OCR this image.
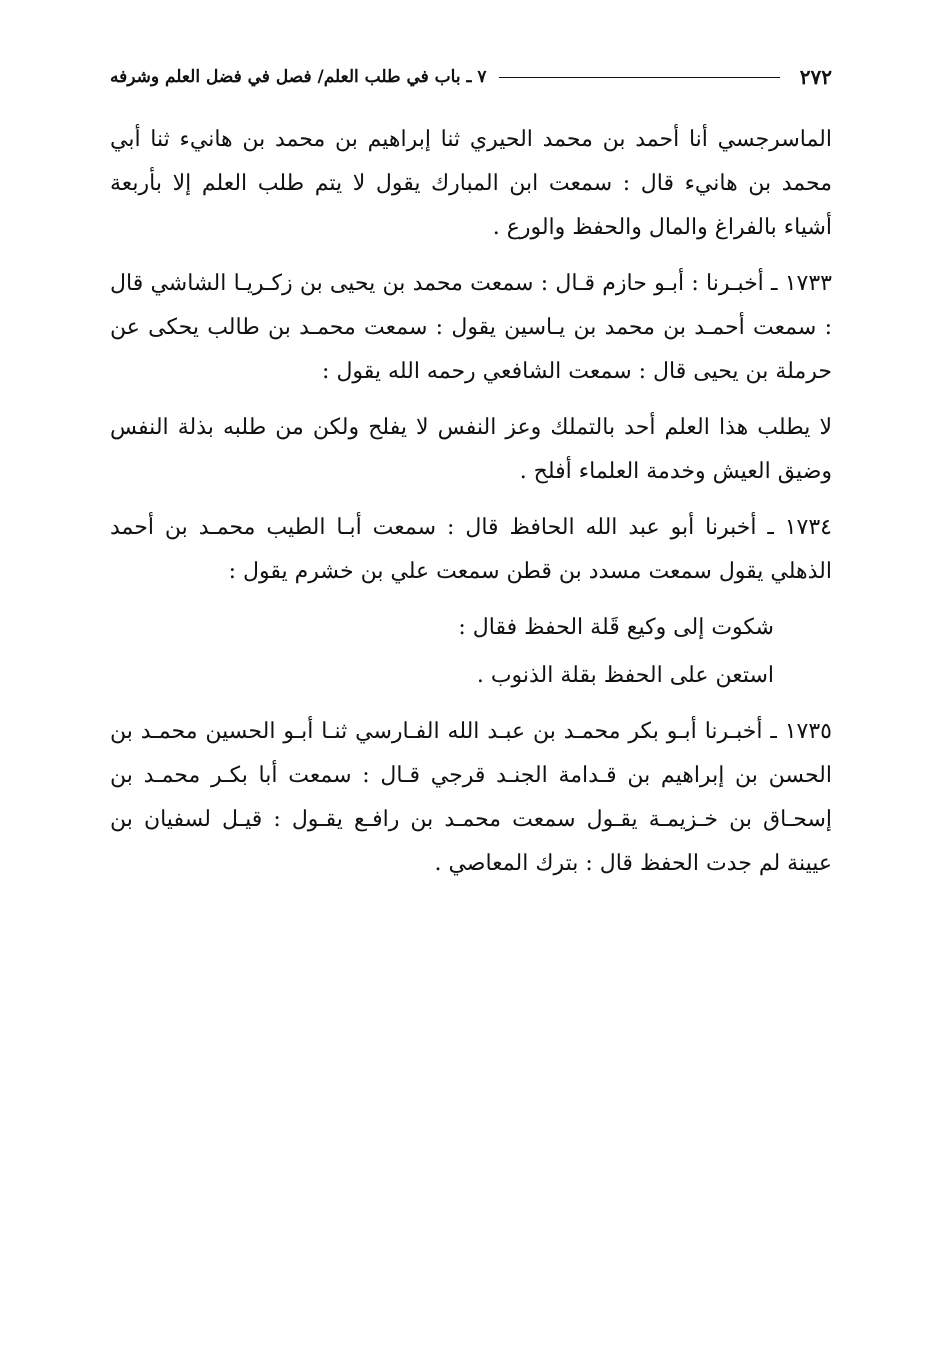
٢٧٢
٧ ـ باب في طلب العلم/ فصل في فضل العلم وشرفه

الماسرجسي أنا أحمد بن محمد الحيري ثنا إبراهيم بن محمد بن هانيء ثنا أبي محمد بن هانيء قال : سمعت ابن المبارك يقول لا يتم طلب العلم إلا بأربعة أشياء بالفراغ والمال والحفظ والورع .

١٧٣٣ ـ أخبـرنا : أبـو حازم قـال : سمعت محمد بن يحيى بن زكـريـا الشاشي قال : سمعت أحمـد بن محمد بن يـاسين يقول : سمعت محمـد بن طالب يحكى عن حرملة بن يحيى قال : سمعت الشافعي رحمه الله يقول :

لا يطلب هذا العلم أحد بالتملك وعز النفس لا يفلح ولكن من طلبه بذلة النفس وضيق العيش وخدمة العلماء أفلح .

١٧٣٤ ـ أخبرنا أبو عبد الله الحافظ قال : سمعت أبـا الطيب محمـد بن أحمد الذهلي يقول سمعت مسدد بن قطن سمعت علي بن خشرم يقول :

شكوت إلى وكيع قَلة الحفظ فقال :

استعن على الحفظ بقلة الذنوب .

١٧٣٥ ـ أخبـرنا أبـو بكر محمـد بن عبـد الله الفـارسي ثنـا أبـو الحسين محمـد بن الحسن بن إبراهيم بن قـدامة الجنـد قرجي قـال : سمعت أبا بكـر محمـد بن إسحـاق بن خـزيمـة يقـول سمعت محمـد بن رافـع يقـول : قيـل لسفيان بن عيينة لم جدت الحفظ قال : بترك المعاصي .
